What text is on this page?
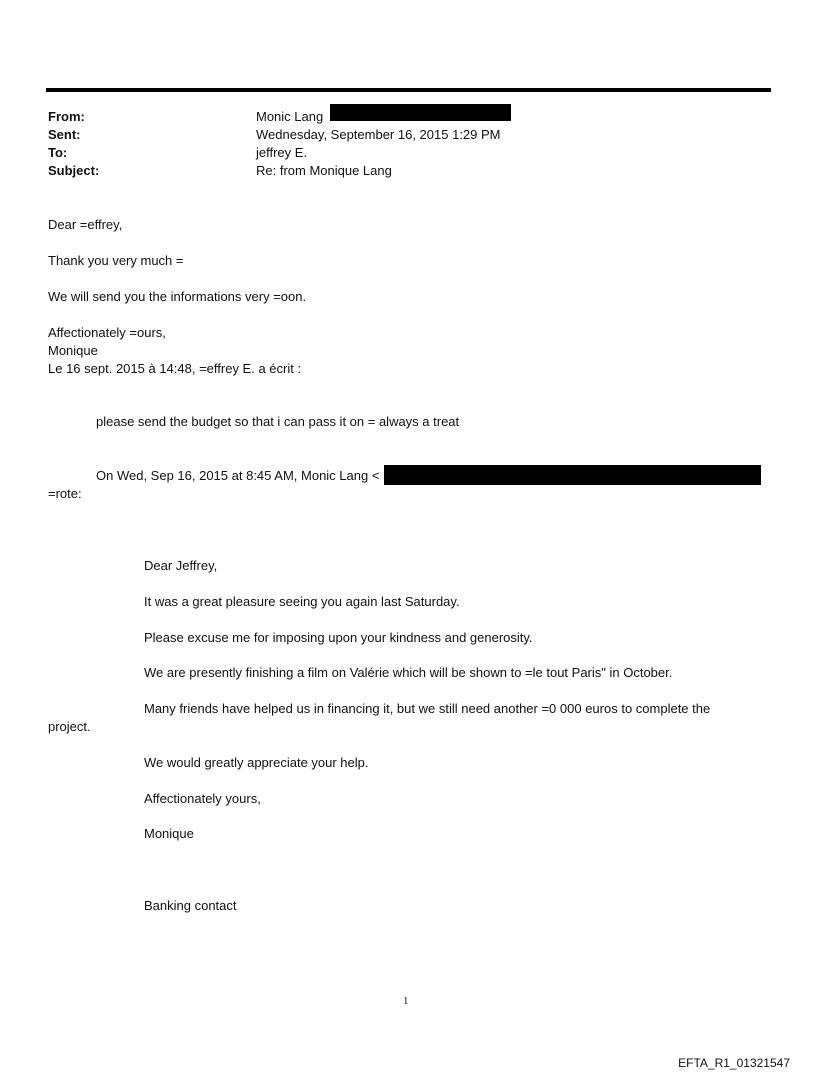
From:	Monic Lang
Sent:	Wednesday, September 16, 2015 1:29 PM
To:	jeffrey E.
Subject:	Re: from Monique Lang
Dear =effrey,
Thank you very much =
We will send you the informations very =oon.
Affectionately =ours,
Monique
Le 16 sept. 2015 à 14:48, =effrey E. a écrit :
please send the budget so that i can pass it on = always a treat
On Wed, Sep 16, 2015 at 8:45 AM, Monic Lang <
=rote:
Dear Jeffrey,
It was a great pleasure seeing you again last Saturday.
Please excuse me for imposing upon your kindness and generosity.
We are presently finishing a film on Valérie which will be shown to =le tout Paris" in October.
Many friends have helped us in financing it, but we still need another =0 000 euros to complete the
project.
We would greatly appreciate your help.
Affectionately yours,
Monique
Banking contact
1
EFTA_R1_01321547
